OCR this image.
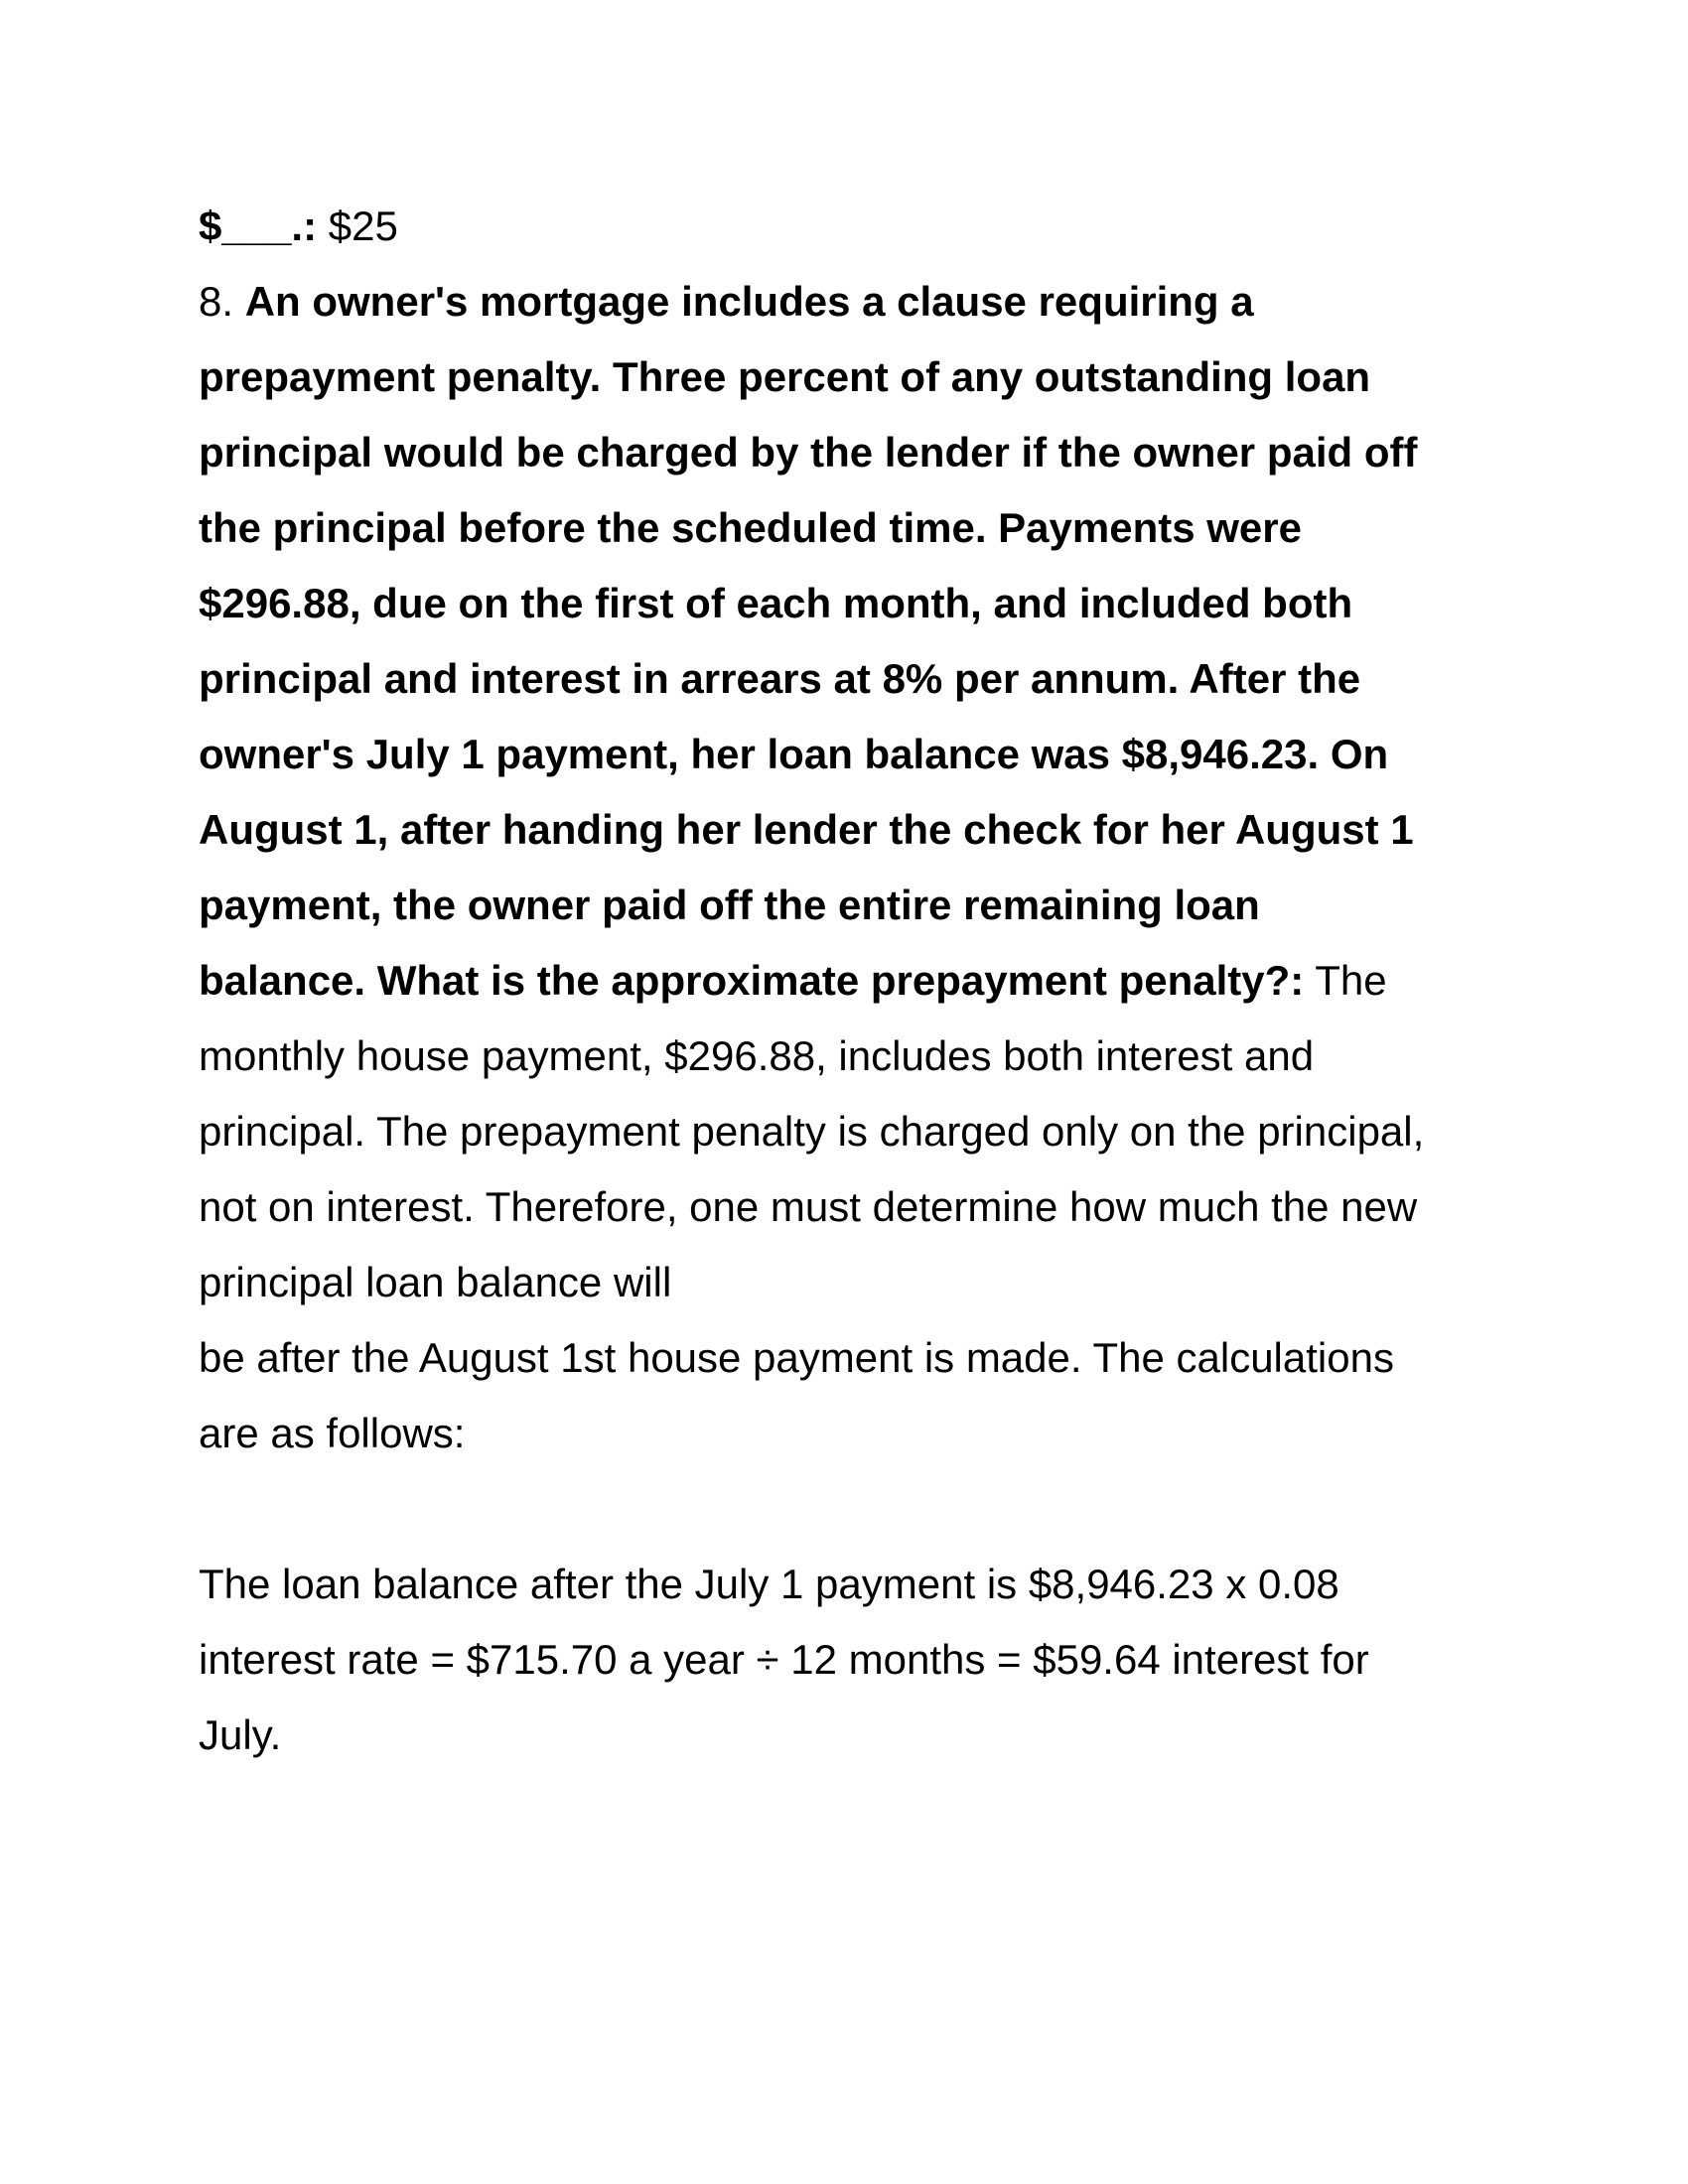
$___.: $25

8. An owner's mortgage includes a clause requiring a

prepayment penalty. Three percent of any outstanding loan

principal would be charged by the lender if the owner paid off

the principal before the scheduled time. Payments were

$296.88, due on the first of each month, and included both

principal and interest in arrears at 8% per annum. After the

owner's July 1 payment, her loan balance was $8,946.23. On

August 1, after handing her lender the check for her August 1

payment, the owner paid off the entire remaining loan

balance. What is the approximate prepayment penalty?: The

monthly house payment, $296.88, includes both interest and

principal. The prepayment penalty is charged only on the principal,

not on interest. Therefore, one must determine how much the new

principal loan balance will

be after the August 1st house payment is made. The calculations

are as follows:

The loan balance after the July 1 payment is $8,946.23 x 0.08

interest rate = $715.70 a year ÷ 12 months = $59.64 interest for

July.
